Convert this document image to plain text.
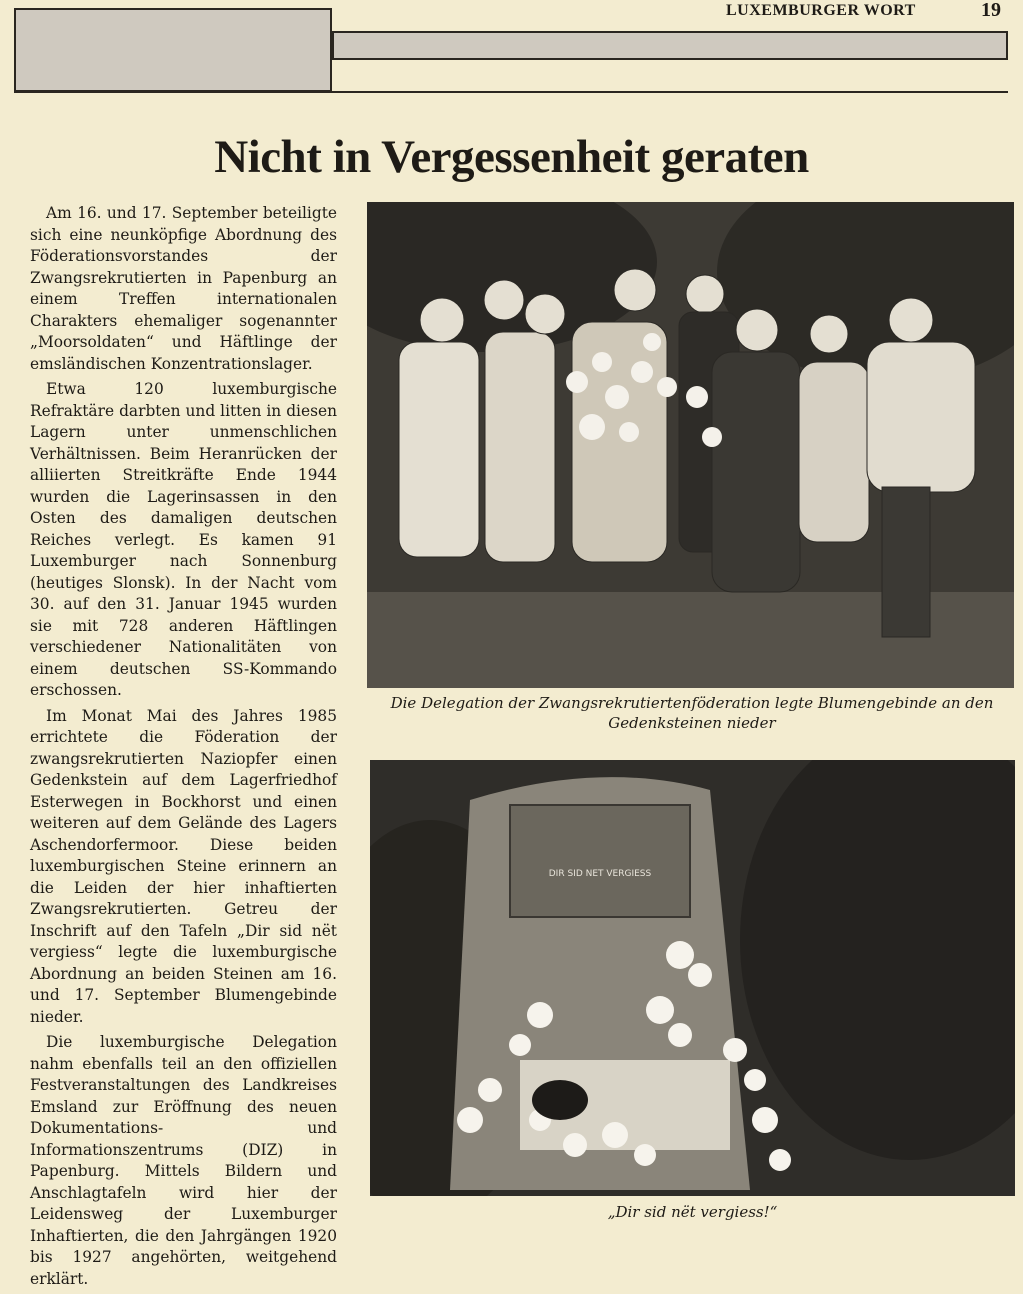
LUXEMBURGER WORT	19
Nicht in Vergessenheit geraten

Am 16. und 17. September beteiligte sich eine neunköpfige Abordnung des Föderationsvorstandes der Zwangsrekrutierten in Papenburg an einem Treffen internationalen Charakters ehemaliger sogenannter „Moorsoldaten“ und Häftlinge der emsländischen Konzentrationslager.

Etwa 120 luxemburgische Refraktäre darbten und litten in diesen Lagern unter unmenschlichen Verhältnissen. Beim Heranrücken der alliierten Streitkräfte Ende 1944 wurden die Lagerinsassen in den Osten des damaligen deutschen Reiches verlegt. Es kamen 91 Luxemburger nach Sonnenburg (heutiges Slonsk). In der Nacht vom 30. auf den 31. Januar 1945 wurden sie mit 728 anderen Häftlingen verschiedener Nationalitäten von einem deutschen SS-Kommando erschossen.

Im Monat Mai des Jahres 1985 errichtete die Föderation der zwangsrekrutierten Naziopfer einen Gedenkstein auf dem Lagerfriedhof Esterwegen in Bockhorst und einen weiteren auf dem Gelände des Lagers Aschendorfermoor. Diese beiden luxemburgischen Steine erinnern an die Leiden der hier inhaftierten Zwangsrekrutierten. Getreu der Inschrift auf den Tafeln „Dir sid nët vergiess“ legte die luxemburgische Abordnung an beiden Steinen am 16. und 17. September Blumengebinde nieder.

Die luxemburgische Delegation nahm ebenfalls teil an den offiziellen Festveranstaltungen des Landkreises Emsland zur Eröffnung des neuen Dokumentations- und Informationszentrums (DIZ) in Papenburg. Mittels Bildern und Anschlagtafeln wird hier der Leidensweg der Luxemburger Inhaftierten, die den Jahrgängen 1920 bis 1927 angehörten, weitgehend erklärt.

Die Delegation der Zwangsrekrutiertenföderation legte Blumengebinde an den Gedenksteinen nieder
DIR SID NET VERGIESS
„Dir sid nët vergiess!“
